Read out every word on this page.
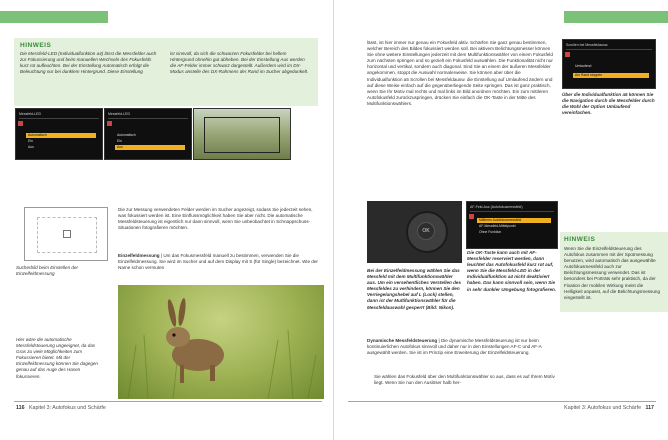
HINWEIS
Die Messfeld-LED (Individualfunktion a4) lässt die Messfelder auch zur Fokussierung und beim manuellen Wechseln des Fokusfelds kurz rot aufleuchten. Bei der Einstellung Automatisch erfolgt die Beleuchtung nur bei dunklem Hintergrund. Diese Einstellung
ist sinnvoll, da sich die schwarzen Fokusfelder bei hellem Hintergrund ohnehin gut abheben. Bei der Einstellung Aus werden die AF-Felder immer schwarz dargestellt. Außerdem wird im DX-Modus anstelle des DX-Rahmens der Rand im Sucher abgedunkelt.
Messfeld-LED
Automatisch
Ein
Aus
Messfeld-LED
Automatisch
Ein
Aus
Die zur Messung verwendeten Felder werden im Sucher angezeigt, sodass Sie jederzeit sehen, was fokussiert werden ist. Eine Einflussmöglichkeit haben Sie aber nicht. Die automatische Messfeldsteuerung ist eigentlich nur dann sinnvoll, wenn Sie unbeobachtet in Schnappschuss-Situationen fotografieren möchten.
Einzelfeldmessung | Um das Fokusmessfeld manuell zu bestimmen, verwenden Sie die Einzelfeldmessung. Sie wird im Sucher und auf dem Display mit S (für Single) bezeichnet. Wie der Name schon vermuten
Sucherbild beim Einstellen der Einzelfeldmessung
Hier wäre die automatische Messfeldsteuerung ungeeignet, da das Gras zu viele Möglichkeiten zum Fokussieren bietet. Mit der Einzelfeldmessung können Sie dagegen genau auf das Auge des Hasen fokussieren.
116 Kapitel 3: Autofokus und Schärfe
lässt, ist hier immer nur genau ein Fokusfeld aktiv. Schärfen Sie ganz genau bestimmen, welcher Bereich des Bildes fokussiert werden soll. Bei aktivem Belichtungsmesser können Sie ohne weitere Einstellungen jederzeit mit dem Multifunktionswähler von einem Fokusfeld zum nächsten springen und so gezielt ein Fokusfeld auswählen. Die Funktionalität nicht nur horizontal und vertikal, sondern auch diagonal. Sind Sie an einem der äußeren Messfelder angekommen, stoppt die Auswahl normalerweise. Sie können aber über die Individualfunktion a5 Scrollen bei Messfeldausw. die Einstellung auf Umlaufend ändern und auf diese Weise einfach auf die gegenüberliegende Seite springen. Das ist ganz praktisch, wenn Sie Ihr Motiv mal rechts und mal links im Bild anordnen möchten. Ein zum mittleren Autofokusfeld zurückzuspringen, drücken Sie einfach die OK-Taste in der Mitte des Multifunktionswählers.
Scrollen bei Messfeldausw.
Umlaufend
Am Rand stoppen
Über die Individualfunktion a5 können Sie die Navigation durch die Messfelder durch die Wahl der Option Umlaufend vereinfachen.
OK
AF-Feld-Aus (Autofokusmessfeld)
Mittleres Autofokusmessfeld
AF-Messfeld-Mittelpunkt
Ohne Funktion
Bei der Einzelfeldmessung wählen Sie das Messfeld mit dem Multifunktionswähler aus. Um ein versehentliches Verstellen des Messfeldes zu verhindern, können Sie den Verriegelungshebel auf L (Lock) stellen, dann ist der Multifunktionswähler für die Messfeldauswahl gesperrt (Bild: Nikon).
Die OK-Taste kann auch mit AF-Messfelder reserviert werden, dann leuchtet das Autofokusfeld kurz rot auf, wenn Sie die Messfeld-LED in der Individualfunktion a4 nicht deaktiviert haben. Das kann sinnvoll sein, wenn Sie in sehr dunkler Umgebung fotografieren.
HINWEIS
Wenn Sie die Einzelfeldsteuerung des Autofokus zusammen mit der Spotmessung benutzen, wird automatisch das ausgewählte Autofokusmessfeld auch zur Belichtungsmessung verwendet. Das ist besonders bei Porträts sehr praktisch, da der Fixation der mobilen Wirkung meist die Helligkeit anpasst, auf die Belichtungsmessung eingestellt ist.
Dynamische Messfeldsteuerung | Die dynamische Messfeldsteuerung ist nur beim kontinuierlichen Autofokus sinnvoll und daher nur in den Einstellungen AF-C und AF-A ausgewählt werden. Sie ist im Prinzip eine Erweiterung der Einzelfeldsteuerung.
Sie wählen das Fokusfeld über den Multifunktionswähler so aus, dass es auf Ihrem Motiv liegt. Wenn Sie nun den Auslöser halb her-
Kapitel 3: Autofokus und Schärfe 117
